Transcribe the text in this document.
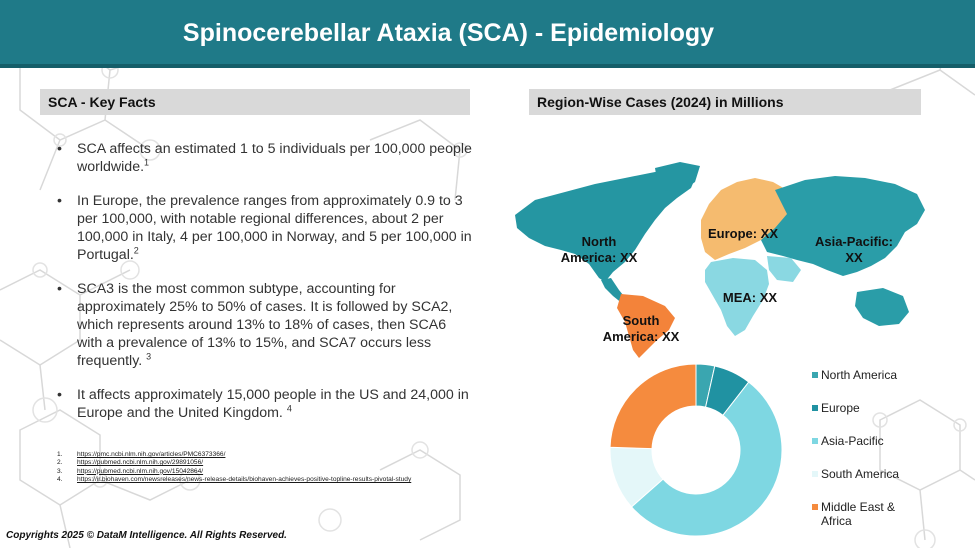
Spinocerebellar Ataxia (SCA) - Epidemiology
SCA - Key Facts
• SCA affects an estimated 1 to 5 individuals per 100,000 people worldwide.$^1$
• In Europe, the prevalence ranges from approximately 0.9 to 3 per 100,000, with notable regional differences, about 2 per 100,000 in Italy, 4 per 100,000 in Norway, and 5 per 100,000 in Portugal.$^2$
• SCA3 is the most common subtype, accounting for approximately 25% to 50% of cases. It is followed by SCA2, which represents around 13% to 18% of cases, then SCA6 with a prevalence of 13% to 15%, and SCA7 occurs less frequently. $^3$
• It affects approximately 15,000 people in the US and 24,000 in Europe and the United Kingdom. $^4$
1. https://pmc.ncbi.nlm.nih.gov/articles/PMC6373366/
2. https://pubmed.ncbi.nlm.nih.gov/29891056/
3. https://pubmed.ncbi.nlm.nih.gov/15042864/
4. https://ir.biohaven.com/newsreleases/news-release-details/biohaven-achieves-positive-topline-results-pivotal-study
Copyrights 2025 © DataM Intelligence. All Rights Reserved.
Region-Wise Cases (2024) in Millions
North
America: XX
Europe: XX
Asia-Pacific:
XX
MEA: XX
South
America: XX
North America
Europe
Asia-Pacific
South America
Middle East & Africa
